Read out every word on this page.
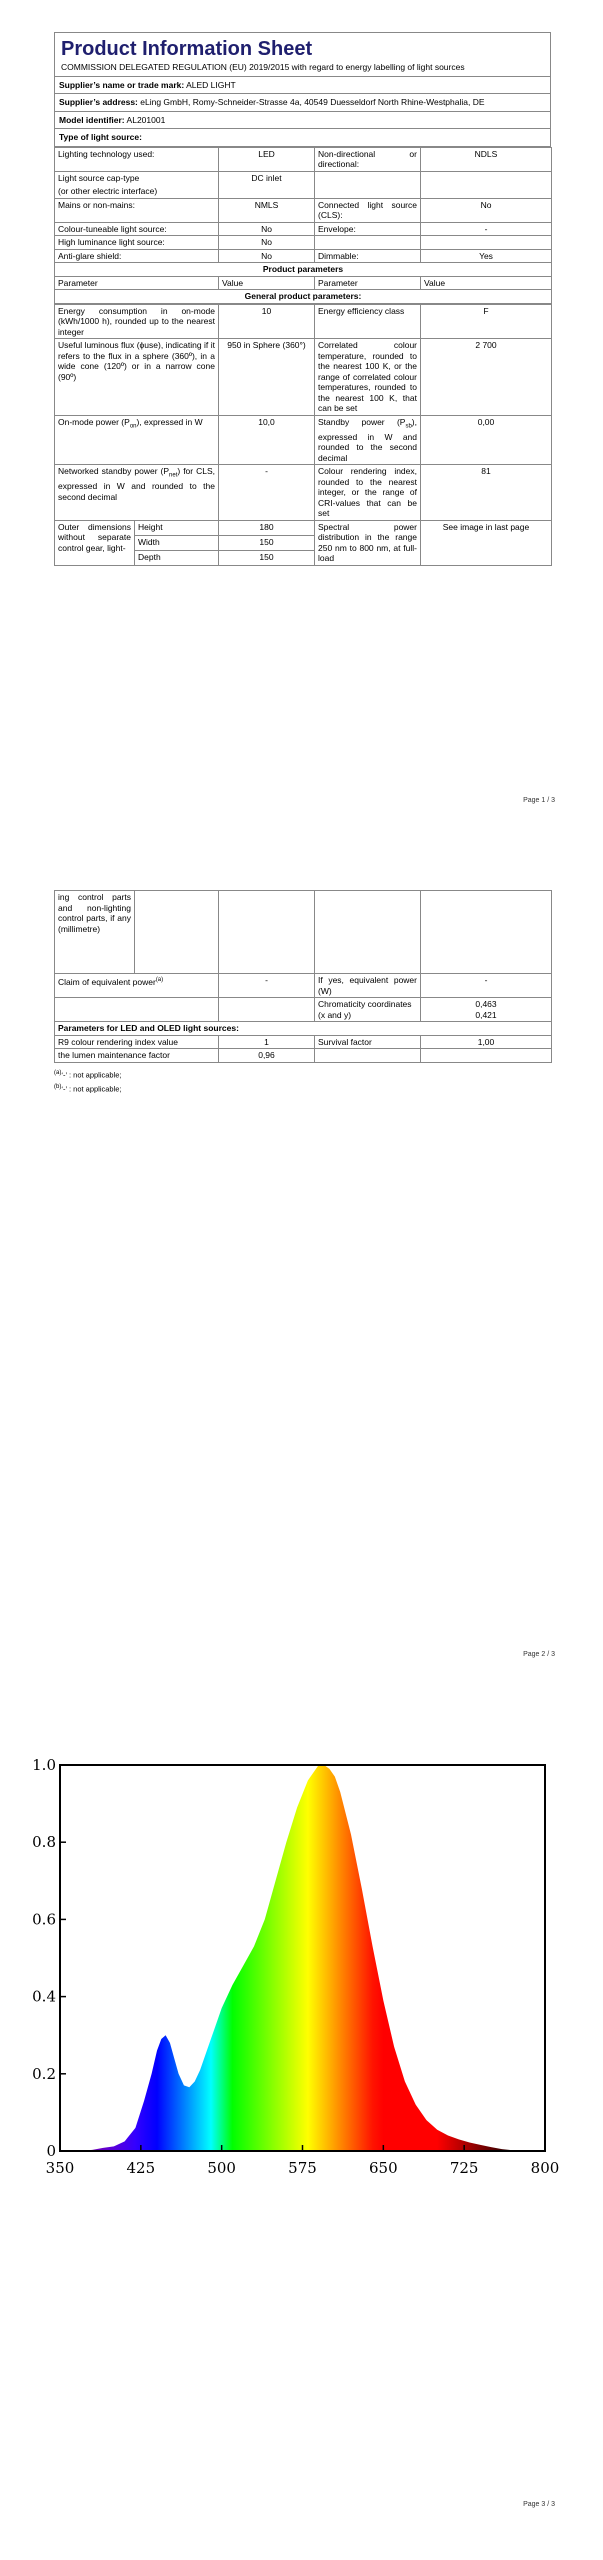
Product Information Sheet
COMMISSION DELEGATED REGULATION (EU) 2019/2015 with regard to energy labelling of light sources
Supplier’s name or trade mark: ALED LIGHT
Supplier’s address: eLing GmbH, Romy-Schneider-Strasse 4a, 40549 Duesseldorf North Rhine-Westphalia, DE
Model identifier: AL201001
Type of light source:
Lighting technology used:	LED	Non-directional or directional:	NDLS

Light source cap-type
(or other electric interface)	DC inlet		
Mains or non-mains:	NMLS	Connected light source (CLS):	No
Colour-tuneable light source:	No	Envelope:	-
High luminance light source:	No		
Anti-glare shield:	No	Dimmable:	Yes
Product parameters			
Parameter	Value	Parameter	Value
General product parameters:			
Energy consumption in on-mode (kWh/1000 h), rounded up to the nearest integer		10	Energy efficiency class	F
Useful luminous flux (ϕuse), indicating if it refers to the flux in a sphere (360º), in a wide cone (120º) or in a narrow cone (90º)		950 in Sphere (360°)	Correlated colour temperature, rounded to the nearest 100 K, or the range of correlated colour temperatures, rounded to the nearest 100 K, that can be set	2 700
On-mode power $(P_{on})$, expressed in W		10,0	Standby power $(P_{sb})$, expressed in W and rounded to the second decimal	0,00
Networked standby power $(P_{net})$ for CLS, expressed in W and rounded to the second decimal		-	Colour rendering index, rounded to the nearest integer, or the range of CRI-values that can be set	81
Outer dimensions without separate control gear, light-	Height	180	Spectral power distribution in the range 250 nm to 800 nm, at full-load	See image in last page
	Width	150		
	Depth	150		
Page 1 / 3
ing control parts and non-lighting control parts, if any (millimetre)				
Claim of equivalent power$^{(a)}$		-	If yes, equivalent power (W)	-
			Chromaticity coordinates (x and y)	0,463
0,421

Parameters for LED and OLED light sources:				
R9 colour rendering index value		1	Survival factor	1,00
the lumen maintenance factor		0,96		
$^{(a)}$‘-’ : not applicable;
$^{(b)}$‘-’ : not applicable;
Page 2 / 3
0
0.2
0.4
0.6
0.8
1.0
350	425	500	575	650	725	800
Page 3 / 3
